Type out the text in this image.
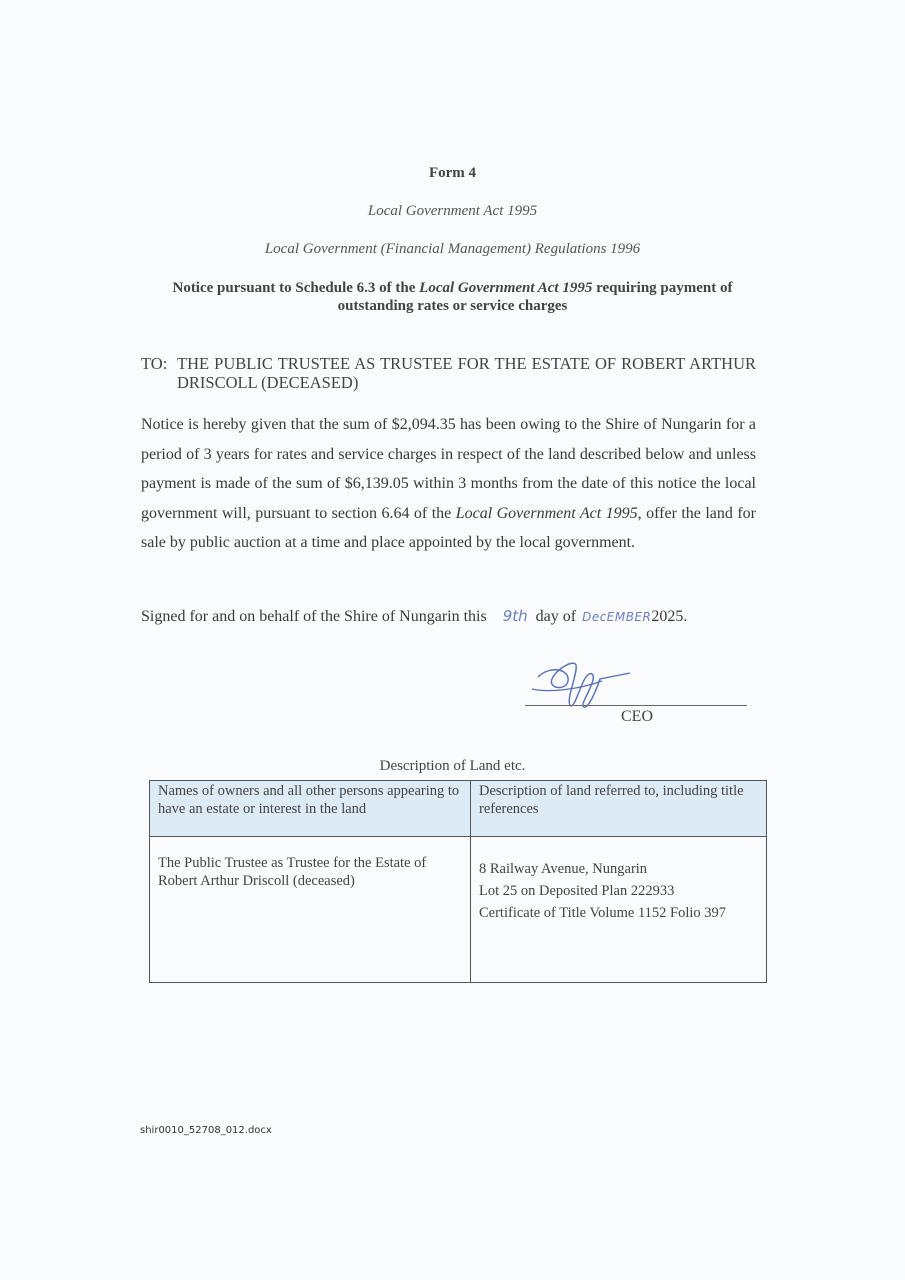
Form 4
Local Government Act 1995
Local Government (Financial Management) Regulations 1996
Notice pursuant to Schedule 6.3 of the Local Government Act 1995 requiring payment of outstanding rates or service charges
TO: THE PUBLIC TRUSTEE AS TRUSTEE FOR THE ESTATE OF ROBERT ARTHUR DRISCOLL (DECEASED)
Notice is hereby given that the sum of $2,094.35 has been owing to the Shire of Nungarin for a period of 3 years for rates and service charges in respect of the land described below and unless payment is made of the sum of $6,139.05 within 3 months from the date of this notice the local government will, pursuant to section 6.64 of the Local Government Act 1995, offer the land for sale by public auction at a time and place appointed by the local government.
Signed for and on behalf of the Shire of Nungarin this 9th day of DecEMBER2025.
CEO
Description of Land etc.
Names of owners and all other persons appearing to have an estate or interest in the land	Description of land referred to, including title references
The Public Trustee as Trustee for the Estate of Robert Arthur Driscoll (deceased)	8 Railway Avenue, Nungarin
Lot 25 on Deposited Plan 222933
Certificate of Title Volume 1152 Folio 397
shir0010_52708_012.docx
